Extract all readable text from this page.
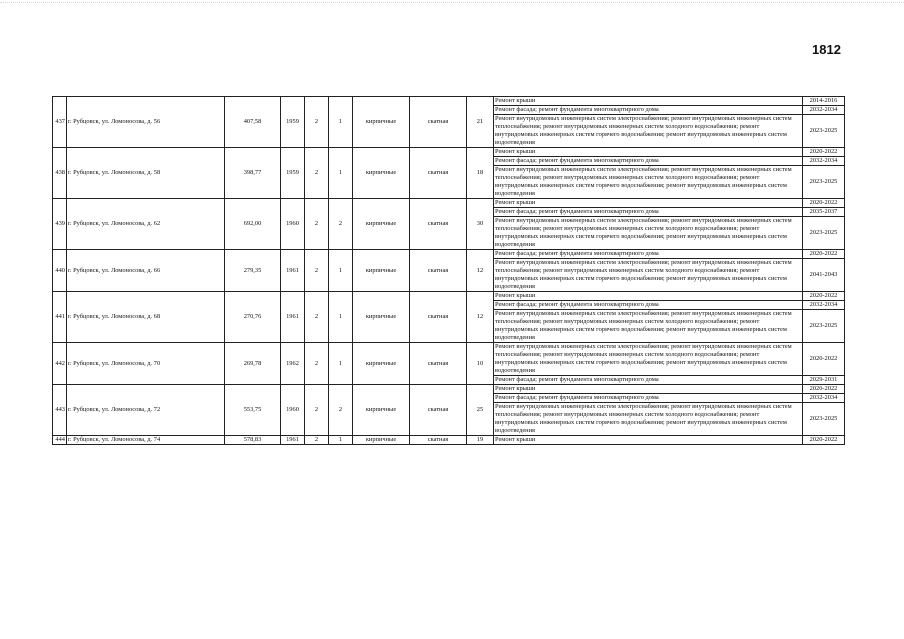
1812
437	г. Рубцовск, ул. Ломоносова, д. 56	407,58	1959	2	1	кирпичные	скатная	21	Ремонт крыши	2014-2016
									Ремонт фасада; ремонт фундамента многоквартирного дома	2032-2034
									Ремонт внутридомовых инженерных систем электроснабжения; ремонт внутридомовых инженерных систем теплоснабжения; ремонт внутридомовых инженерных систем холодного водоснабжения; ремонт внутридомовых инженерных систем горячего водоснабжения; ремонт внутридомовых инженерных систем водоотведения	2023-2025
438	г. Рубцовск, ул. Ломоносова, д. 58	398,77	1959	2	1	кирпичные	скатная	18	Ремонт крыши	2020-2022
									Ремонт фасада; ремонт фундамента многоквартирного дома	2032-2034
									Ремонт внутридомовых инженерных систем электроснабжения; ремонт внутридомовых инженерных систем теплоснабжения; ремонт внутридомовых инженерных систем холодного водоснабжения; ремонт внутридомовых инженерных систем горячего водоснабжения; ремонт внутридомовых инженерных систем водоотведения	2023-2025
439	г. Рубцовск, ул. Ломоносова, д. 62	692,00	1960	2	2	кирпичные	скатная	30	Ремонт крыши	2020-2022
									Ремонт фасада; ремонт фундамента многоквартирного дома	2035-2037
									Ремонт внутридомовых инженерных систем электроснабжения; ремонт внутридомовых инженерных систем теплоснабжения; ремонт внутридомовых инженерных систем холодного водоснабжения; ремонт внутридомовых инженерных систем горячего водоснабжения; ремонт внутридомовых инженерных систем водоотведения	2023-2025
440	г. Рубцовск, ул. Ломоносова, д. 66	279,35	1961	2	1	кирпичные	скатная	12	Ремонт фасада; ремонт фундамента многоквартирного дома	2020-2022
									Ремонт внутридомовых инженерных систем электроснабжения; ремонт внутридомовых инженерных систем теплоснабжения; ремонт внутридомовых инженерных систем холодного водоснабжения; ремонт внутридомовых инженерных систем горячего водоснабжения; ремонт внутридомовых инженерных систем водоотведения	2041-2043
441	г. Рубцовск, ул. Ломоносова, д. 68	270,76	1961	2	1	кирпичные	скатная	12	Ремонт крыши	2020-2022
									Ремонт фасада; ремонт фундамента многоквартирного дома	2032-2034
									Ремонт внутридомовых инженерных систем электроснабжения; ремонт внутридомовых инженерных систем теплоснабжения; ремонт внутридомовых инженерных систем холодного водоснабжения; ремонт внутридомовых инженерных систем горячего водоснабжения; ремонт внутридомовых инженерных систем водоотведения	2023-2025
442	г. Рубцовск, ул. Ломоносова, д. 70	269,78	1962	2	1	кирпичные	скатная	10	Ремонт внутридомовых инженерных систем электроснабжения; ремонт внутридомовых инженерных систем теплоснабжения; ремонт внутридомовых инженерных систем холодного водоснабжения; ремонт внутридомовых инженерных систем горячего водоснабжения; ремонт внутридомовых инженерных систем водоотведения	2020-2022
									Ремонт фасада; ремонт фундамента многоквартирного дома	2029-2031
443	г. Рубцовск, ул. Ломоносова, д. 72	553,75	1960	2	2	кирпичные	скатная	25	Ремонт крыши	2020-2022
									Ремонт фасада; ремонт фундамента многоквартирного дома	2032-2034
									Ремонт внутридомовых инженерных систем электроснабжения; ремонт внутридомовых инженерных систем теплоснабжения; ремонт внутридомовых инженерных систем холодного водоснабжения; ремонт внутридомовых инженерных систем горячего водоснабжения; ремонт внутридомовых инженерных систем водоотведения	2023-2025
444	г. Рубцовск, ул. Ломоносова, д. 74	578,83	1961	2	1	кирпичные	скатная	19	Ремонт крыши	2020-2022
